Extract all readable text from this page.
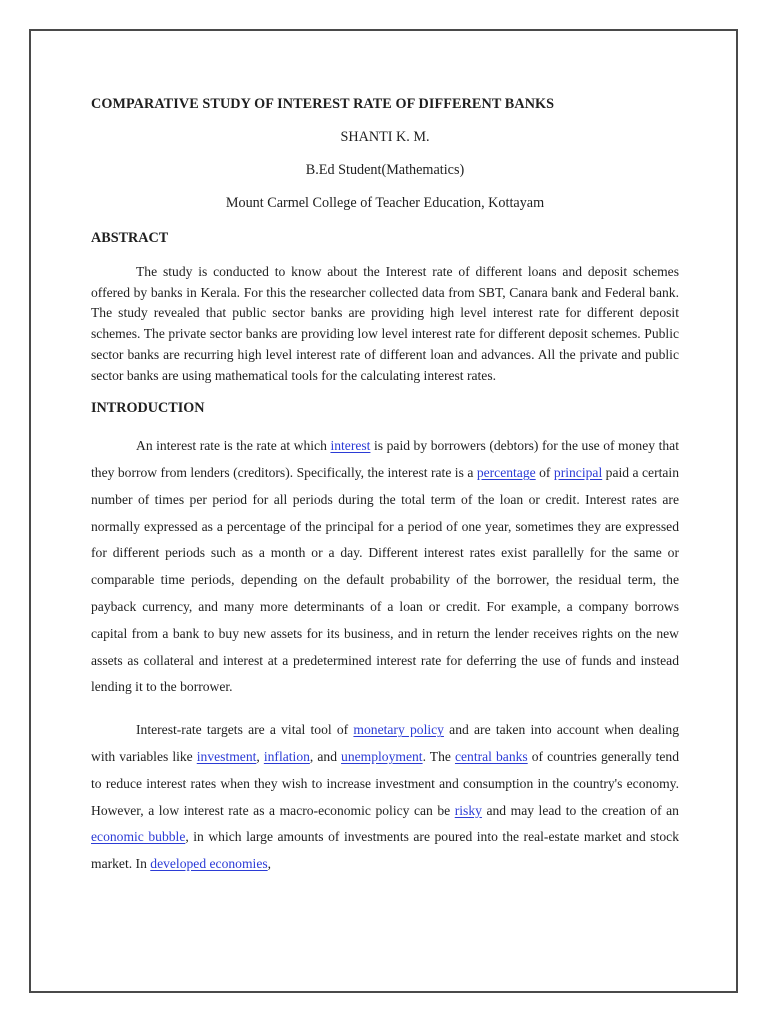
COMPARATIVE STUDY OF INTEREST RATE OF DIFFERENT BANKS

SHANTI K. M.

B.Ed Student(Mathematics)

Mount Carmel College of Teacher Education, Kottayam

ABSTRACT

The study is conducted to know about the Interest rate of different loans and deposit schemes offered by banks in Kerala. For this the researcher collected data from SBT, Canara bank and Federal bank. The study revealed that public sector banks are providing high level interest rate for different deposit schemes. The private sector banks are providing low level interest rate for different deposit schemes. Public sector banks are recurring high level interest rate of different loan and advances. All the private and public sector banks are using mathematical tools for the calculating interest rates.

INTRODUCTION

An interest rate is the rate at which interest is paid by borrowers (debtors) for the use of money that they borrow from lenders (creditors). Specifically, the interest rate is a percentage of principal paid a certain number of times per period for all periods during the total term of the loan or credit. Interest rates are normally expressed as a percentage of the principal for a period of one year, sometimes they are expressed for different periods such as a month or a day. Different interest rates exist parallelly for the same or comparable time periods, depending on the default probability of the borrower, the residual term, the payback currency, and many more determinants of a loan or credit. For example, a company borrows capital from a bank to buy new assets for its business, and in return the lender receives rights on the new assets as collateral and interest at a predetermined interest rate for deferring the use of funds and instead lending it to the borrower.

Interest-rate targets are a vital tool of monetary policy and are taken into account when dealing with variables like investment, inflation, and unemployment. The central banks of countries generally tend to reduce interest rates when they wish to increase investment and consumption in the country's economy. However, a low interest rate as a macro-economic policy can be risky and may lead to the creation of an economic bubble, in which large amounts of investments are poured into the real-estate market and stock market. In developed economies,
